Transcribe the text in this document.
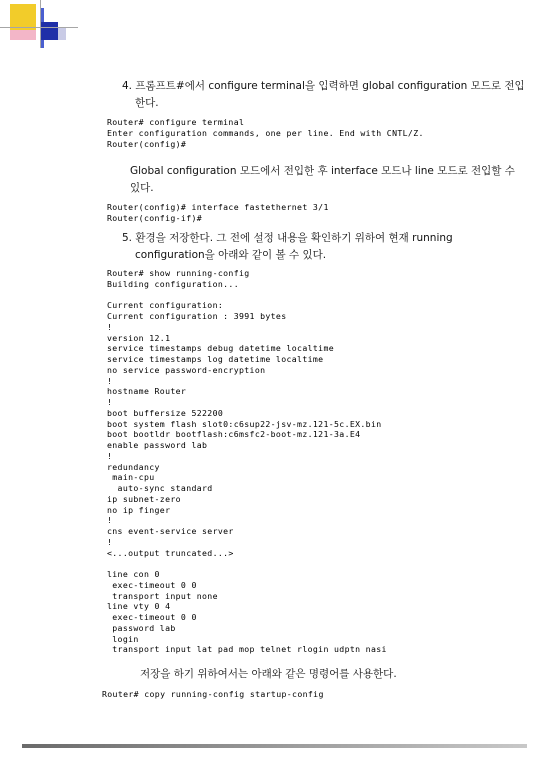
4. 프롬프트#에서 configure terminal을 입력하면 global configuration 모드로 전입
한다.
Router# configure terminal
Enter configuration commands, one per line. End with CNTL/Z.
Router(config)#
Global configuration 모드에서 전입한 후 interface 모드나 line 모드로 전입할 수
있다.
Router(config)# interface fastethernet 3/1
Router(config-if)#
5. 환경을 저장한다. 그 전에 설정 내용을 확인하기 위하여 현재 running
configuration을 아래와 같이 볼 수 있다.
Router# show running-config
Building configuration...

Current configuration:
Current configuration : 3991 bytes
!
version 12.1
service timestamps debug datetime localtime
service timestamps log datetime localtime
no service password-encryption
!
hostname Router
!
boot buffersize 522200
boot system flash slot0:c6sup22-jsv-mz.121-5c.EX.bin
boot bootldr bootflash:c6msfc2-boot-mz.121-3a.E4
enable password lab
!
redundancy
main-cpu
auto-sync standard
ip subnet-zero
no ip finger
!
cns event-service server
!
<...output truncated...>

line con 0
exec-timeout 0 0
transport input none
line vty 0 4
exec-timeout 0 0
password lab
login
transport input lat pad mop telnet rlogin udptn nasi
저장을 하기 위하여서는 아래와 같은 명령어를 사용한다.
Router# copy running-config startup-config
